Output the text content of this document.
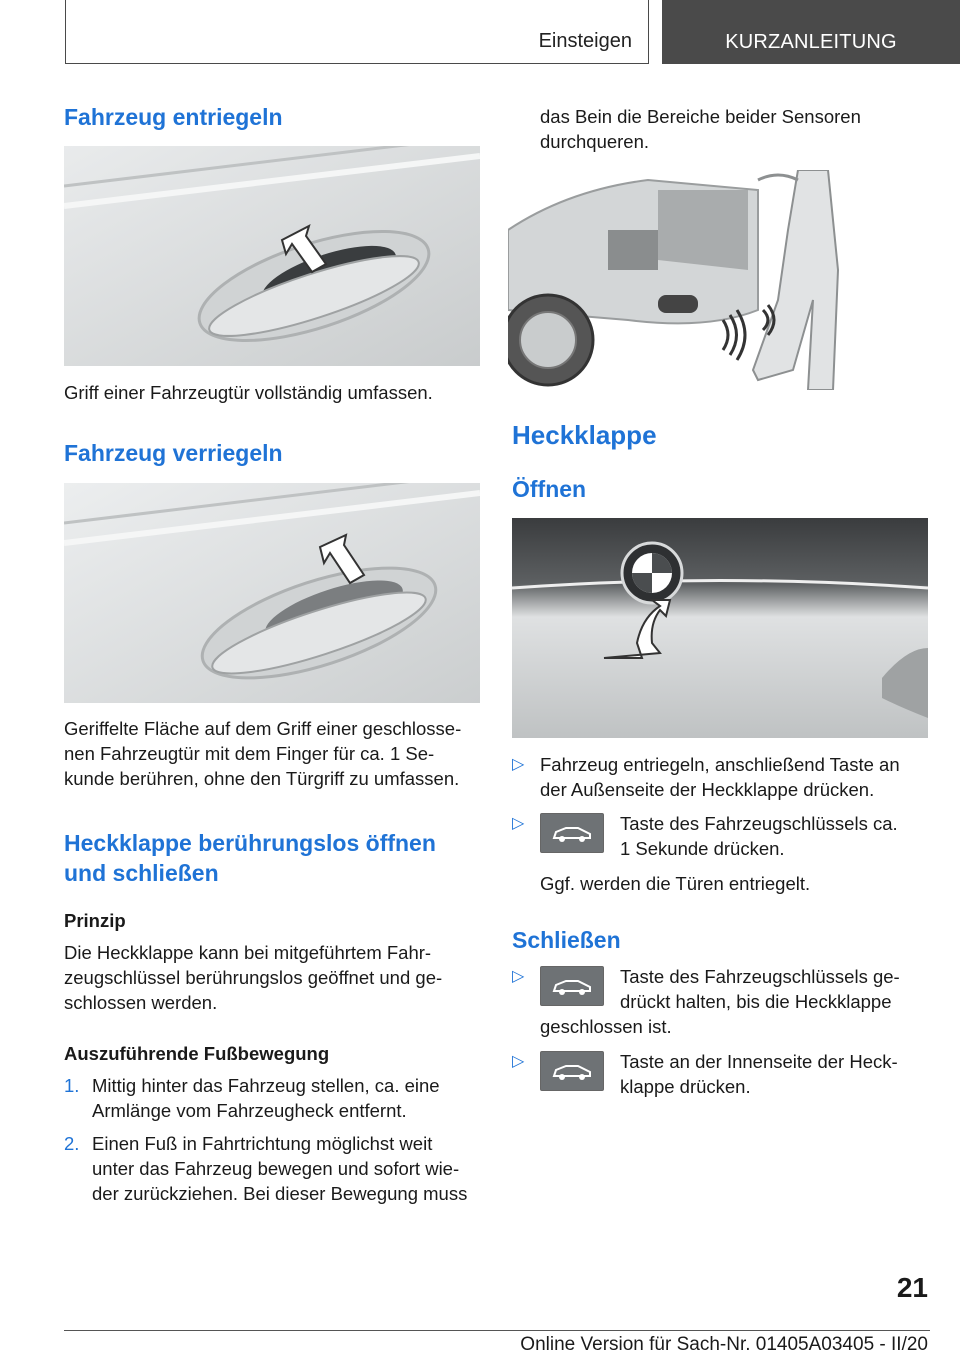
Einsteigen	KURZANLEITUNG
Fahrzeug entriegeln

Griff einer Fahrzeugtür vollständig umfassen.

Fahrzeug verriegeln

Geriffelte Fläche auf dem Griff einer geschlosse-

nen Fahrzeugtür mit dem Finger für ca. 1 Se-

kunde berühren, ohne den Türgriff zu umfassen.

Heckklappe berührungslos öffnen
und schließen
Prinzip

Die Heckklappe kann bei mitgeführtem Fahr-

zeugschlüssel berührungslos geöffnet und ge-

schlossen werden.

Auszuführende Fußbewegung
1. Mittig hinter das Fahrzeug stellen, ca. eine

Armlänge vom Fahrzeugheck entfernt.

2. Einen Fuß in Fahrtrichtung möglichst weit

unter das Fahrzeug bewegen und sofort wie-

der zurückziehen. Bei dieser Bewegung muss

das Bein die Bereiche beider Sensoren

durchqueren.

Heckklappe
Öffnen
▷ Fahrzeug entriegeln, anschließend Taste an

der Außenseite der Heckklappe drücken.

▷	Taste des Fahrzeugschlüssels ca.

1 Sekunde drücken.

Ggf. werden die Türen entriegelt.

Schließen
▷	Taste des Fahrzeugschlüssels ge-

drückt halten, bis die Heckklappe

geschlossen ist.

▷	Taste an der Innenseite der Heck-

klappe drücken.

21
Online Version für Sach-Nr. 01405A03405 - II/20
